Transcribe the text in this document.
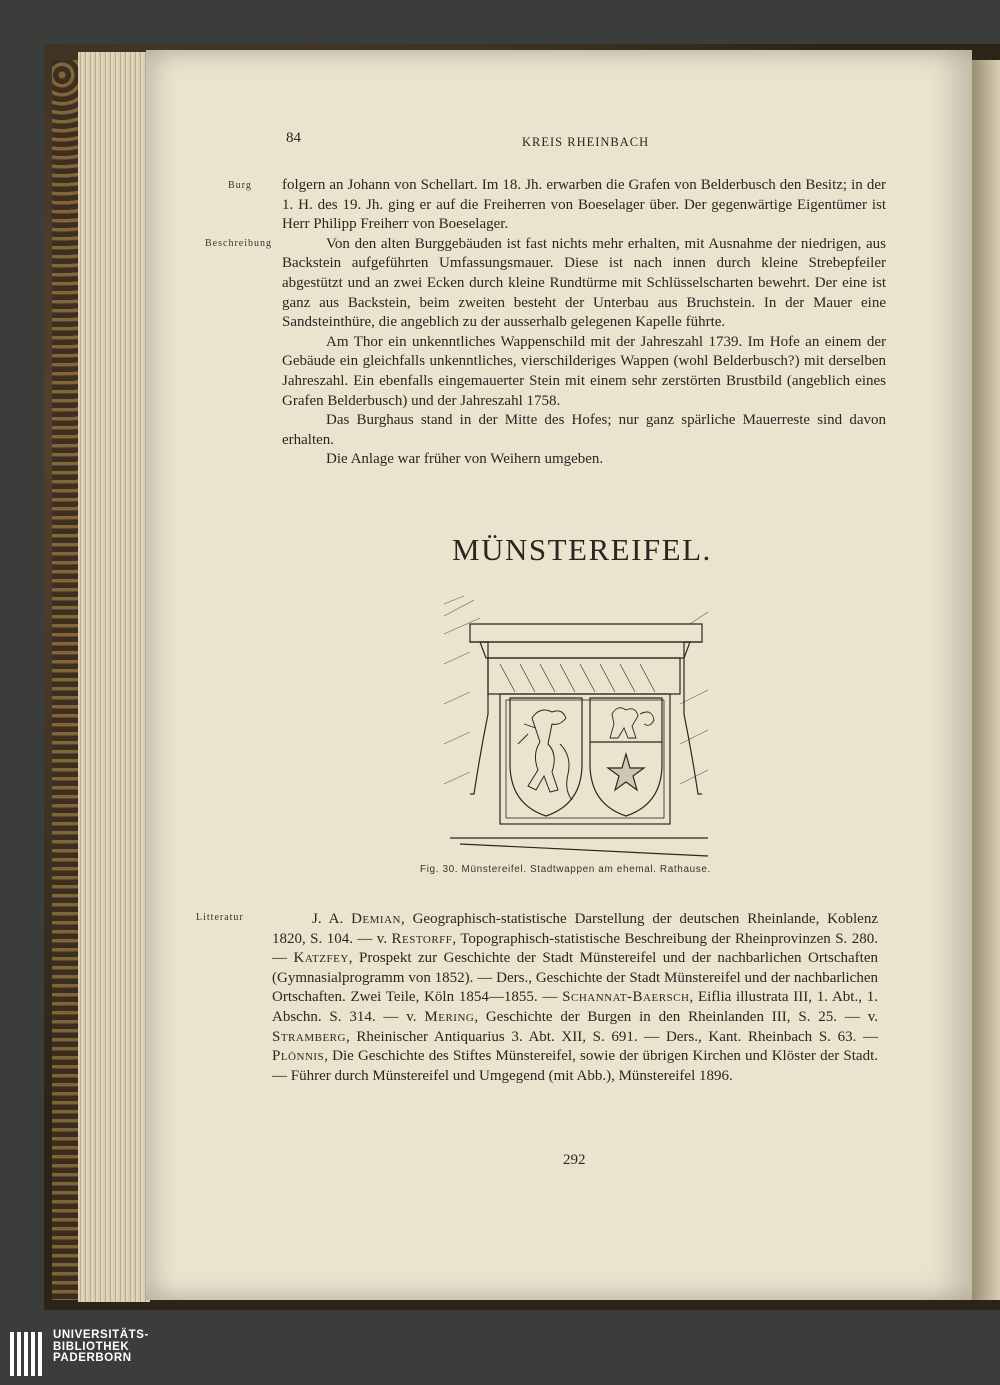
84	KREIS RHEINBACH
Burg
Beschreibung

folgern an Johann von Schellart. Im 18. Jh. erwarben die Grafen von Belderbusch den Besitz; in der 1. H. des 19. Jh. ging er auf die Freiherren von Boeselager über. Der gegenwärtige Eigentümer ist Herr Philipp Freiherr von Boeselager.

Von den alten Burggebäuden ist fast nichts mehr erhalten, mit Ausnahme der niedrigen, aus Backstein aufgeführten Umfassungsmauer. Diese ist nach innen durch kleine Strebepfeiler abgestützt und an zwei Ecken durch kleine Rundtürme mit Schlüsselscharten bewehrt. Der eine ist ganz aus Backstein, beim zweiten besteht der Unterbau aus Bruchstein. In der Mauer eine Sandsteinthüre, die angeblich zu der ausserhalb gelegenen Kapelle führte.

Am Thor ein unkenntliches Wappenschild mit der Jahreszahl 1739. Im Hofe an einem der Gebäude ein gleichfalls unkenntliches, vierschilderiges Wappen (wohl Belderbusch?) mit derselben Jahreszahl. Ein ebenfalls eingemauerter Stein mit einem sehr zerstörten Brustbild (angeblich eines Grafen Belderbusch) und der Jahreszahl 1758.

Das Burghaus stand in der Mitte des Hofes; nur ganz spärliche Mauerreste sind davon erhalten.

Die Anlage war früher von Weihern umgeben.

MÜNSTEREIFEL.
Fig. 30. Münstereifel. Stadtwappen am ehemal. Rathause.
Litteratur	J. A. Demian, Geographisch-statistische Darstellung der deutschen Rheinlande, Koblenz 1820, S. 104. — v. Restorff, Topographisch-statistische Beschreibung der Rheinprovinzen S. 280. — Katzfey, Prospekt zur Geschichte der Stadt Münstereifel und der nachbarlichen Ortschaften (Gymnasialprogramm von 1852). — Ders., Geschichte der Stadt Münstereifel und der nachbarlichen Ortschaften. Zwei Teile, Köln 1854—1855. — Schannat-Baersch, Eiflia illustrata III, 1. Abt., 1. Abschn. S. 314. — v. Mering, Geschichte der Burgen in den Rheinlanden III, S. 25. — v. Stramberg, Rheinischer Antiquarius 3. Abt. XII, S. 691. — Ders., Kant. Rheinbach S. 63. — Plönnis, Die Geschichte des Stiftes Münstereifel, sowie der übrigen Kirchen und Klöster der Stadt. — Führer durch Münstereifel und Umgegend (mit Abb.), Münstereifel 1896.

292
UNIVERSITÄTS-
BIBLIOTHEK
PADERBORN
